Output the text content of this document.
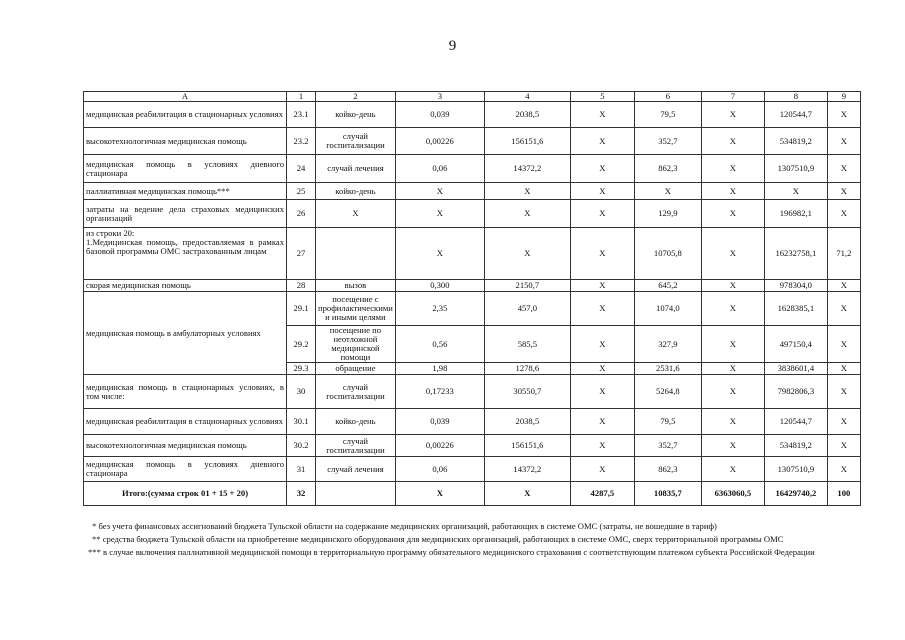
9
А	1	2	3	4	5	6	7	8	9
медицинская реабилитация в стационарных условиях	23.1	койко-день	0,039	2038,5	Х	79,5	Х	120544,7	Х
высокотехнологичная медицинская помощь	23.2	случай госпитализации	0,00226	156151,6	Х	352,7	Х	534819,2	Х
медицинская помощь в условиях дневного стационара	24	случай лечения	0,06	14372,2	Х	862,3	Х	1307510,9	Х
паллиативная медицинская помощь***	25	койко-день	Х	Х	Х	Х	Х	Х	Х
затраты на ведение дела страховых медицинских организаций	26	Х	Х	Х	Х	129,9	Х	196982,1	Х

из строки 20:
1.Медицинская помощь, предоставляемая в рамках базовой программы ОМС застрахованным лицам	27		Х	Х	Х	10705,8	Х	16232758,1	71,2
скорая медицинская помощь	28	вызов	0,300	2150,7	Х	645,2	Х	978304,0	Х
медицинская помощь в амбулаторных условиях	29.1	посещение с профилактическими и иными целями	2,35	457,0	Х	1074,0	Х	1628385,1	Х
	29.2	посещение по неотложной медицинской помощи	0,56	585,5	Х	327,9	Х	497150,4	Х
	29.3	обращение	1,98	1278,6	Х	2531,6	Х	3838601,4	Х
медицинская помощь в стационарных условиях, в том числе:	30	случай госпитализации	0,17233	30550,7	Х	5264,8	Х	7982806,3	Х
медицинская реабилитация в стационарных условиях	30.1	койко-день	0,039	2038,5	Х	79,5	Х	120544,7	Х
высокотехнологичная медицинская помощь	30.2	случай госпитализации	0,00226	156151,6	Х	352,7	Х	534819,2	Х
медицинская помощь в условиях дневного стационара	31	случай лечения	0,06	14372,2	Х	862,3	Х	1307510,9	Х
Итого:(сумма строк 01 + 15 + 20)	32		Х	Х	4287,5	10835,7	6363060,5	16429740,2	100

* без учета финансовых ассигнований бюджета Тульской области на содержание медицинских организаций, работающих в системе ОМС (затраты, не вошедшие в тариф)

** средства бюджета Тульской области на приобретение медицинского оборудования для медицинских организаций, работающих в системе ОМС, сверх территориальной программы ОМС

*** в случае включения паллиативной медицинской помощи в территориальную программу обязательного медицинского страхования с соответствующим платежом субъекта Российской Федерации
